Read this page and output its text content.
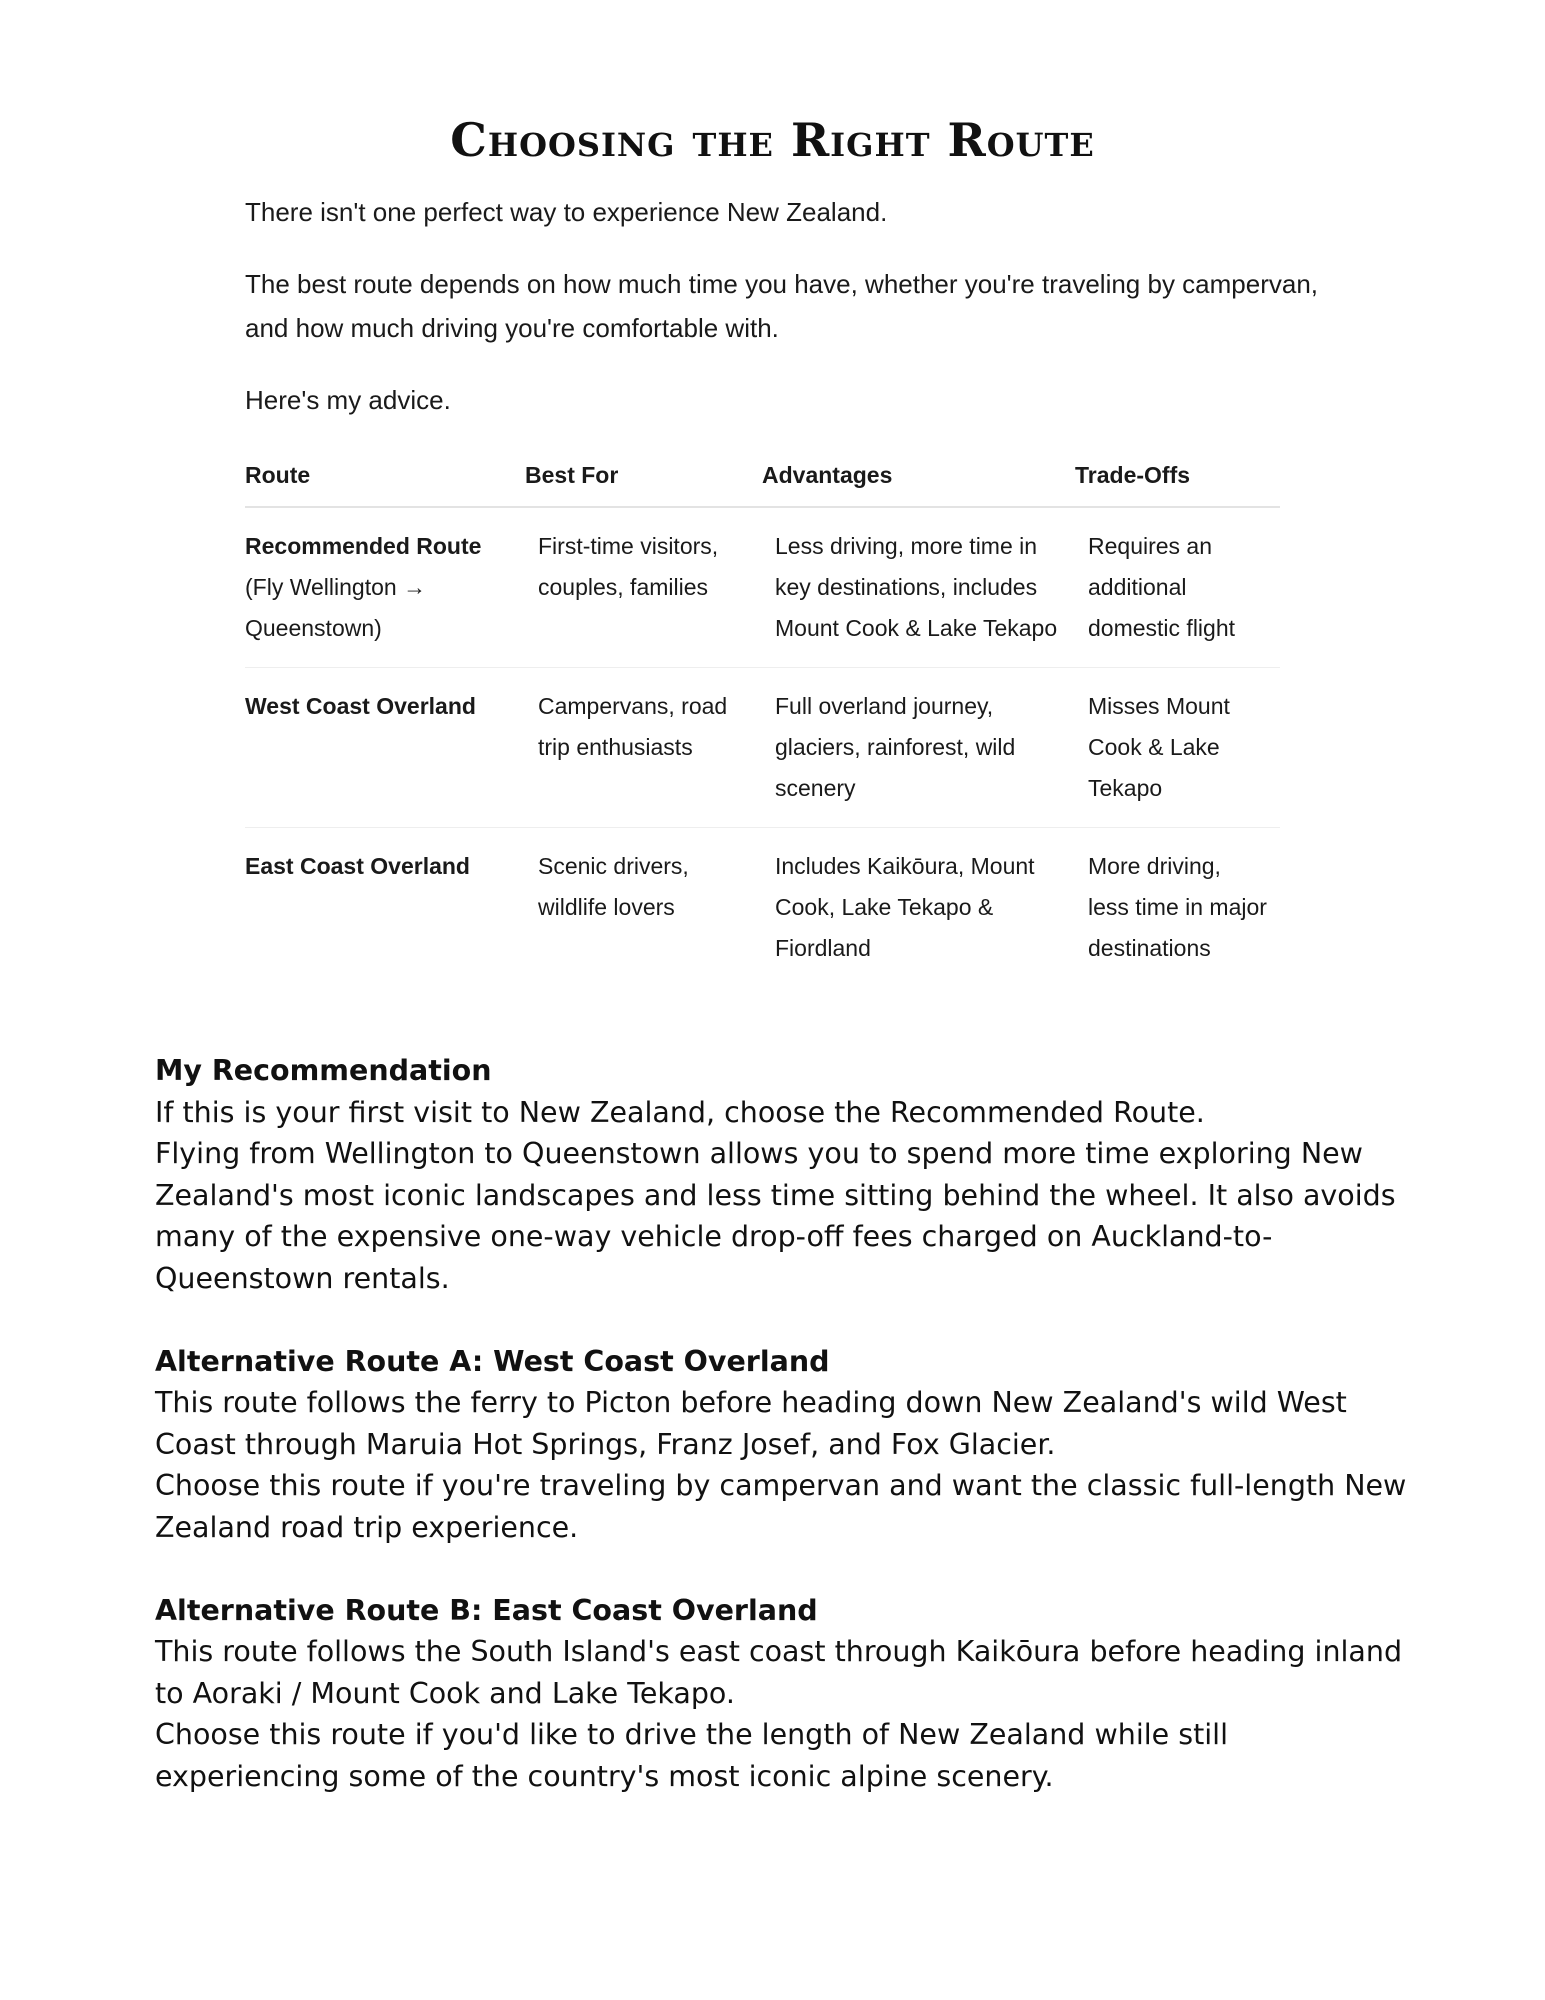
Choosing the Right Route

There isn't one perfect way to experience New Zealand.

The best route depends on how much time you have, whether you're traveling by campervan, and how much driving you're comfortable with.

Here's my advice.

Route	Best For	Advantages	Trade-Offs
Recommended Route (Fly Wellington → Queenstown)	First-time visitors, couples, families	Less driving, more time in key destinations, includes Mount Cook & Lake Tekapo	Requires an additional domestic flight
West Coast Overland	Campervans, road trip enthusiasts	Full overland journey, glaciers, rainforest, wild scenery	Misses Mount Cook & Lake Tekapo
East Coast Overland	Scenic drivers, wildlife lovers	Includes Kaikōura, Mount Cook, Lake Tekapo & Fiordland	More driving, less time in major destinations

My Recommendation

If this is your first visit to New Zealand, choose the Recommended Route.

Flying from Wellington to Queenstown allows you to spend more time exploring New Zealand's most iconic landscapes and less time sitting behind the wheel. It also avoids many of the expensive one-way vehicle drop-off fees charged on Auckland-to-Queenstown rentals.

Alternative Route A: West Coast Overland

This route follows the ferry to Picton before heading down New Zealand's wild West Coast through Maruia Hot Springs, Franz Josef, and Fox Glacier.

Choose this route if you're traveling by campervan and want the classic full-length New Zealand road trip experience.

Alternative Route B: East Coast Overland

This route follows the South Island's east coast through Kaikōura before heading inland to Aoraki / Mount Cook and Lake Tekapo.

Choose this route if you'd like to drive the length of New Zealand while still experiencing some of the country's most iconic alpine scenery.
